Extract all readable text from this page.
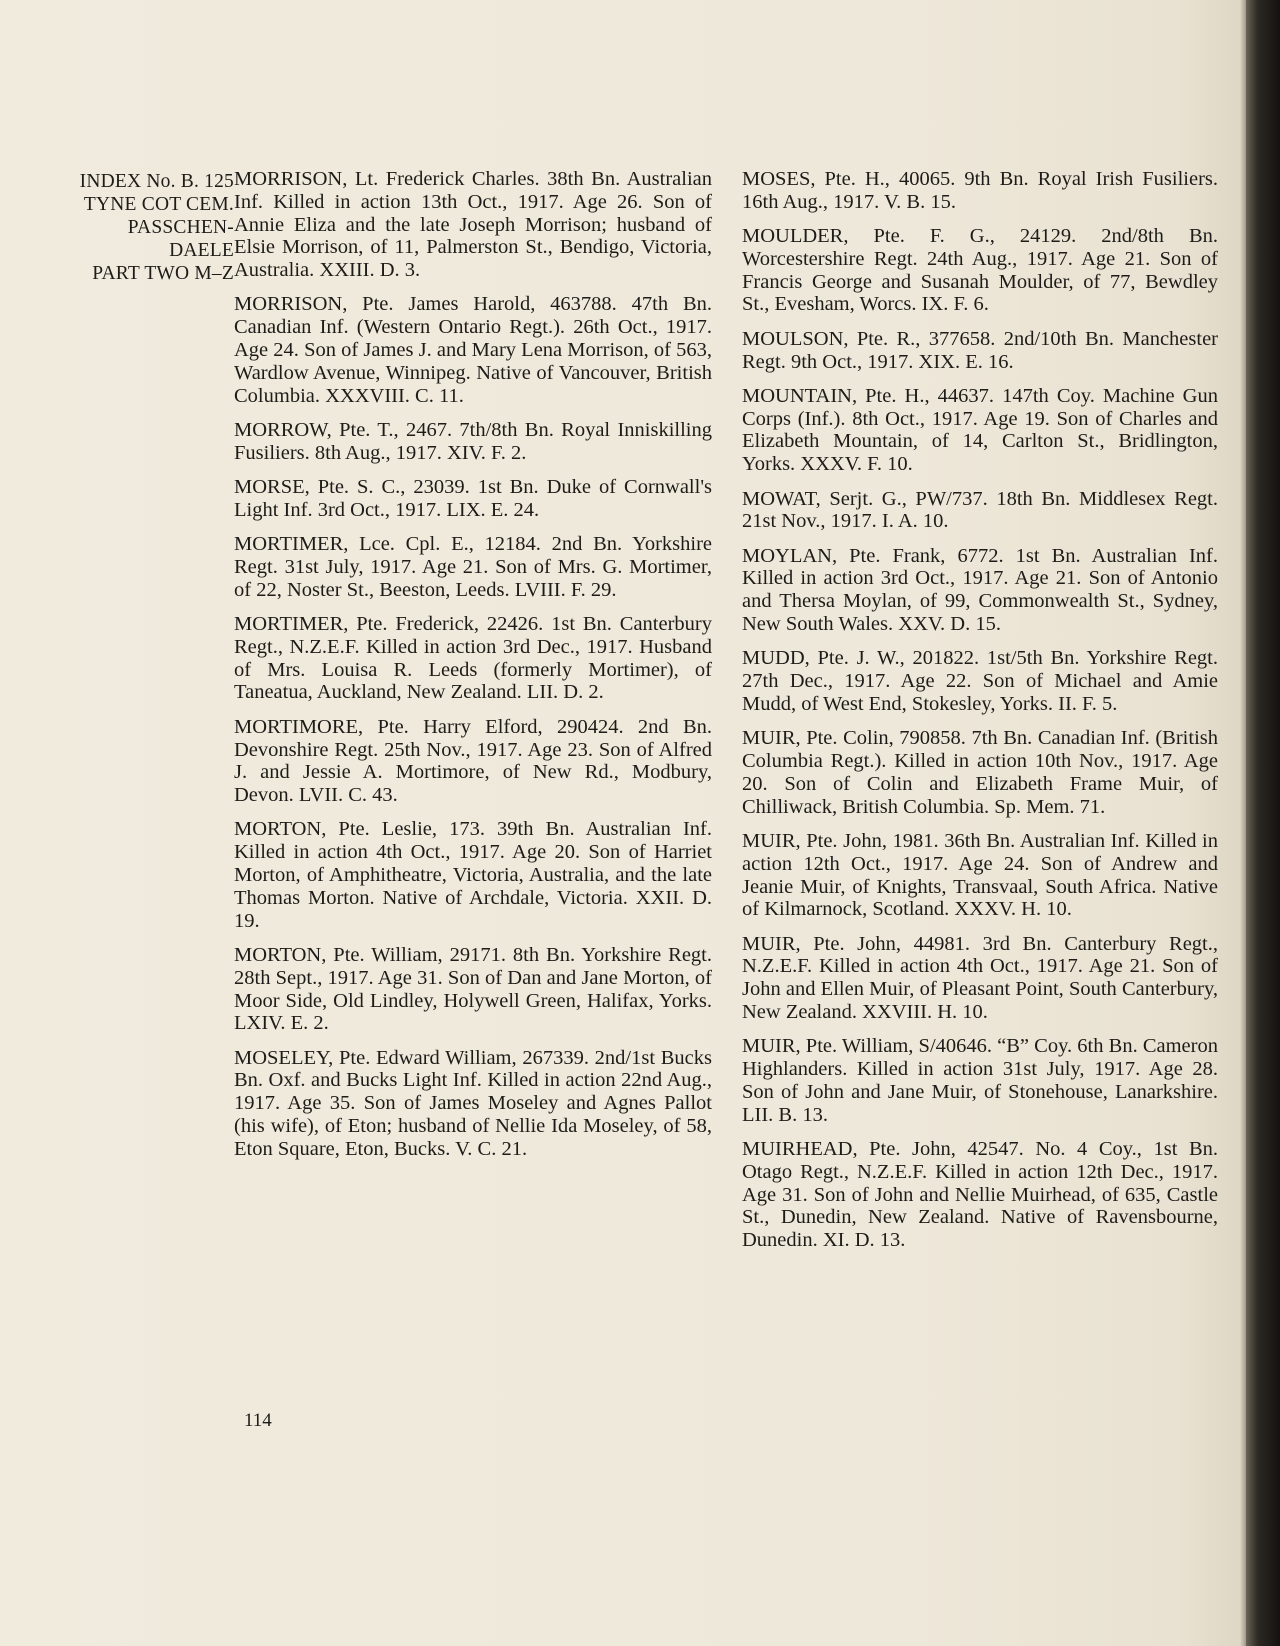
INDEX No. B. 125
TYNE COT CEM.
PASSCHEN-
DAELE
PART TWO M–Z

MORRISON, Lt. Frederick Charles. 38th Bn. Australian Inf. Killed in action 13th Oct., 1917. Age 26. Son of Annie Eliza and the late Joseph Morrison; husband of Elsie Morrison, of 11, Palmerston St., Bendigo, Victoria, Australia. XXIII. D. 3.

MORRISON, Pte. James Harold, 463788. 47th Bn. Canadian Inf. (Western Ontario Regt.). 26th Oct., 1917. Age 24. Son of James J. and Mary Lena Morrison, of 563, Wardlow Avenue, Winnipeg. Native of Vancouver, British Columbia. XXXVIII. C. 11.

MORROW, Pte. T., 2467. 7th/8th Bn. Royal Inniskilling Fusiliers. 8th Aug., 1917. XIV. F. 2.

MORSE, Pte. S. C., 23039. 1st Bn. Duke of Cornwall's Light Inf. 3rd Oct., 1917. LIX. E. 24.

MORTIMER, Lce. Cpl. E., 12184. 2nd Bn. Yorkshire Regt. 31st July, 1917. Age 21. Son of Mrs. G. Mortimer, of 22, Noster St., Beeston, Leeds. LVIII. F. 29.

MORTIMER, Pte. Frederick, 22426. 1st Bn. Canterbury Regt., N.Z.E.F. Killed in action 3rd Dec., 1917. Husband of Mrs. Louisa R. Leeds (formerly Mortimer), of Taneatua, Auckland, New Zealand. LII. D. 2.

MORTIMORE, Pte. Harry Elford, 290424. 2nd Bn. Devonshire Regt. 25th Nov., 1917. Age 23. Son of Alfred J. and Jessie A. Mortimore, of New Rd., Modbury, Devon. LVII. C. 43.

MORTON, Pte. Leslie, 173. 39th Bn. Australian Inf. Killed in action 4th Oct., 1917. Age 20. Son of Harriet Morton, of Amphitheatre, Victoria, Australia, and the late Thomas Morton. Native of Archdale, Victoria. XXII. D. 19.

MORTON, Pte. William, 29171. 8th Bn. Yorkshire Regt. 28th Sept., 1917. Age 31. Son of Dan and Jane Morton, of Moor Side, Old Lindley, Holywell Green, Halifax, Yorks. LXIV. E. 2.

MOSELEY, Pte. Edward William, 267339. 2nd/1st Bucks Bn. Oxf. and Bucks Light Inf. Killed in action 22nd Aug., 1917. Age 35. Son of James Moseley and Agnes Pallot (his wife), of Eton; husband of Nellie Ida Moseley, of 58, Eton Square, Eton, Bucks. V. C. 21.

MOSES, Pte. H., 40065. 9th Bn. Royal Irish Fusiliers. 16th Aug., 1917. V. B. 15.

MOULDER, Pte. F. G., 24129. 2nd/8th Bn. Worcestershire Regt. 24th Aug., 1917. Age 21. Son of Francis George and Susanah Moulder, of 77, Bewdley St., Evesham, Worcs. IX. F. 6.

MOULSON, Pte. R., 377658. 2nd/10th Bn. Manchester Regt. 9th Oct., 1917. XIX. E. 16.

MOUNTAIN, Pte. H., 44637. 147th Coy. Machine Gun Corps (Inf.). 8th Oct., 1917. Age 19. Son of Charles and Elizabeth Mountain, of 14, Carlton St., Bridlington, Yorks. XXXV. F. 10.

MOWAT, Serjt. G., PW/737. 18th Bn. Middlesex Regt. 21st Nov., 1917. I. A. 10.

MOYLAN, Pte. Frank, 6772. 1st Bn. Australian Inf. Killed in action 3rd Oct., 1917. Age 21. Son of Antonio and Thersa Moylan, of 99, Commonwealth St., Sydney, New South Wales. XXV. D. 15.

MUDD, Pte. J. W., 201822. 1st/5th Bn. Yorkshire Regt. 27th Dec., 1917. Age 22. Son of Michael and Amie Mudd, of West End, Stokesley, Yorks. II. F. 5.

MUIR, Pte. Colin, 790858. 7th Bn. Canadian Inf. (British Columbia Regt.). Killed in action 10th Nov., 1917. Age 20. Son of Colin and Elizabeth Frame Muir, of Chilliwack, British Columbia. Sp. Mem. 71.

MUIR, Pte. John, 1981. 36th Bn. Australian Inf. Killed in action 12th Oct., 1917. Age 24. Son of Andrew and Jeanie Muir, of Knights, Transvaal, South Africa. Native of Kilmarnock, Scotland. XXXV. H. 10.

MUIR, Pte. John, 44981. 3rd Bn. Canterbury Regt., N.Z.E.F. Killed in action 4th Oct., 1917. Age 21. Son of John and Ellen Muir, of Pleasant Point, South Canterbury, New Zealand. XXVIII. H. 10.

MUIR, Pte. William, S/40646. “B” Coy. 6th Bn. Cameron Highlanders. Killed in action 31st July, 1917. Age 28. Son of John and Jane Muir, of Stonehouse, Lanarkshire. LII. B. 13.

MUIRHEAD, Pte. John, 42547. No. 4 Coy., 1st Bn. Otago Regt., N.Z.E.F. Killed in action 12th Dec., 1917. Age 31. Son of John and Nellie Muirhead, of 635, Castle St., Dunedin, New Zealand. Native of Ravensbourne, Dunedin. XI. D. 13.

114
